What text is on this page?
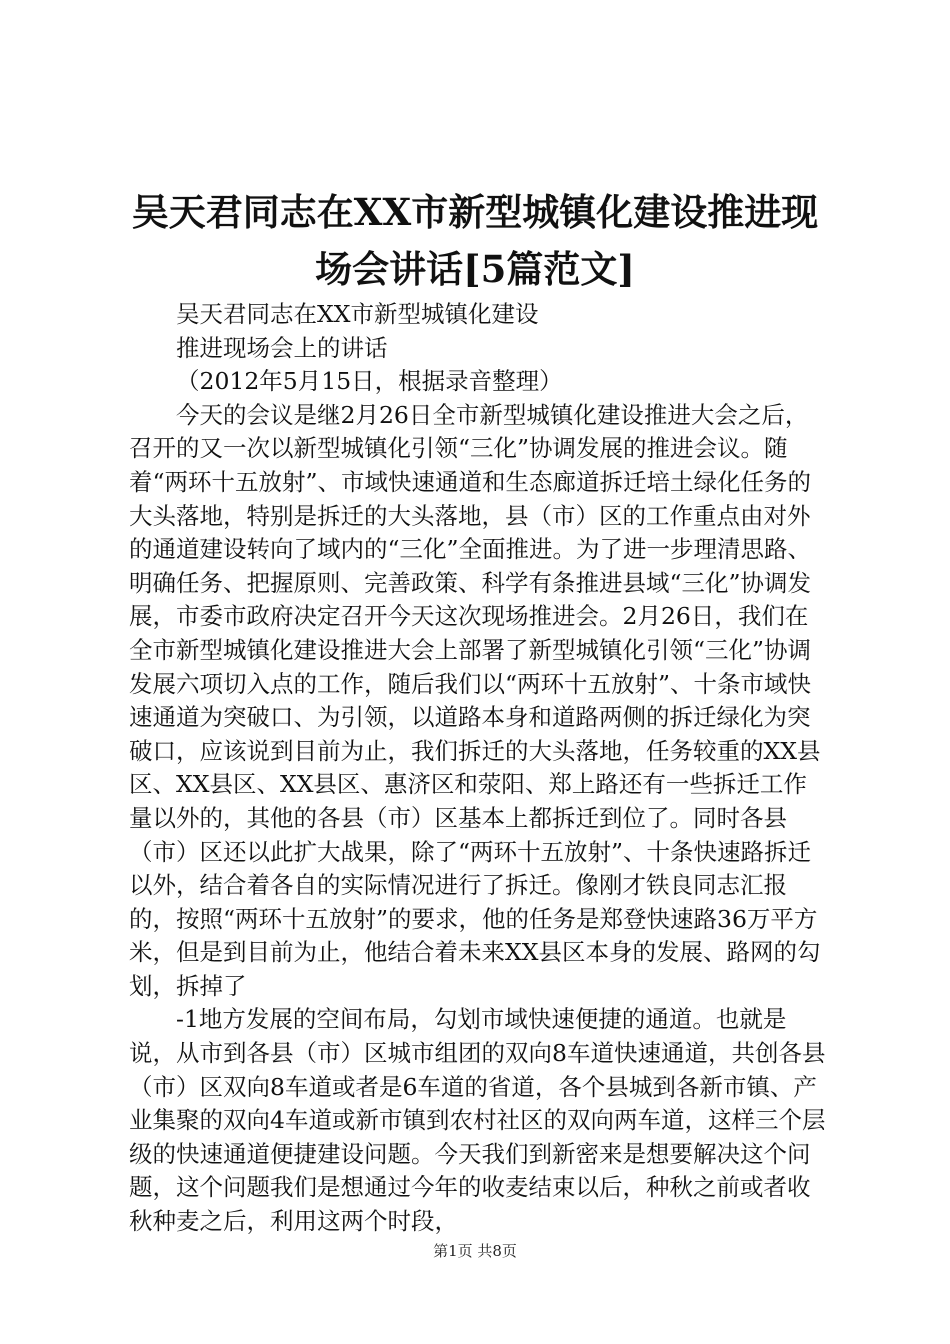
吴天君同志在XX市新型城镇化建设推进现场会讲话[5篇范文]

吴天君同志在XX市新型城镇化建设

推进现场会上的讲话

（2012年5月15日，根据录音整理）

今天的会议是继2月26日全市新型城镇化建设推进大会之后，召开的又一次以新型城镇化引领“三化”协调发展的推进会议。随着“两环十五放射”、市域快速通道和生态廊道拆迁培土绿化任务的大头落地，特别是拆迁的大头落地，县（市）区的工作重点由对外的通道建设转向了域内的“三化”全面推进。为了进一步理清思路、明确任务、把握原则、完善政策、科学有条推进县域“三化”协调发展，市委市政府决定召开今天这次现场推进会。2月26日，我们在全市新型城镇化建设推进大会上部署了新型城镇化引领“三化”协调发展六项切入点的工作，随后我们以“两环十五放射”、十条市域快速通道为突破口、为引领，以道路本身和道路两侧的拆迁绿化为突破口，应该说到目前为止，我们拆迁的大头落地，任务较重的XX县区、XX县区、XX县区、惠济区和荥阳、郑上路还有一些拆迁工作量以外的，其他的各县（市）区基本上都拆迁到位了。同时各县（市）区还以此扩大战果，除了“两环十五放射”、十条快速路拆迁以外，结合着各自的实际情况进行了拆迁。像刚才铁良同志汇报的，按照“两环十五放射”的要求，他的任务是郑登快速路36万平方米，但是到目前为止，他结合着未来XX县区本身的发展、路网的勾划，拆掉了

-1地方发展的空间布局，勾划市域快速便捷的通道。也就是说，从市到各县（市）区城市组团的双向8车道快速通道，共创各县（市）区双向8车道或者是6车道的省道，各个县城到各新市镇、产业集聚的双向4车道或新市镇到农村社区的双向两车道，这样三个层级的快速通道便捷建设问题。今天我们到新密来是想要解决这个问题，这个问题我们是想通过今年的收麦结束以后，种秋之前或者收秋种麦之后，利用这两个时段，

第1页 共8页
